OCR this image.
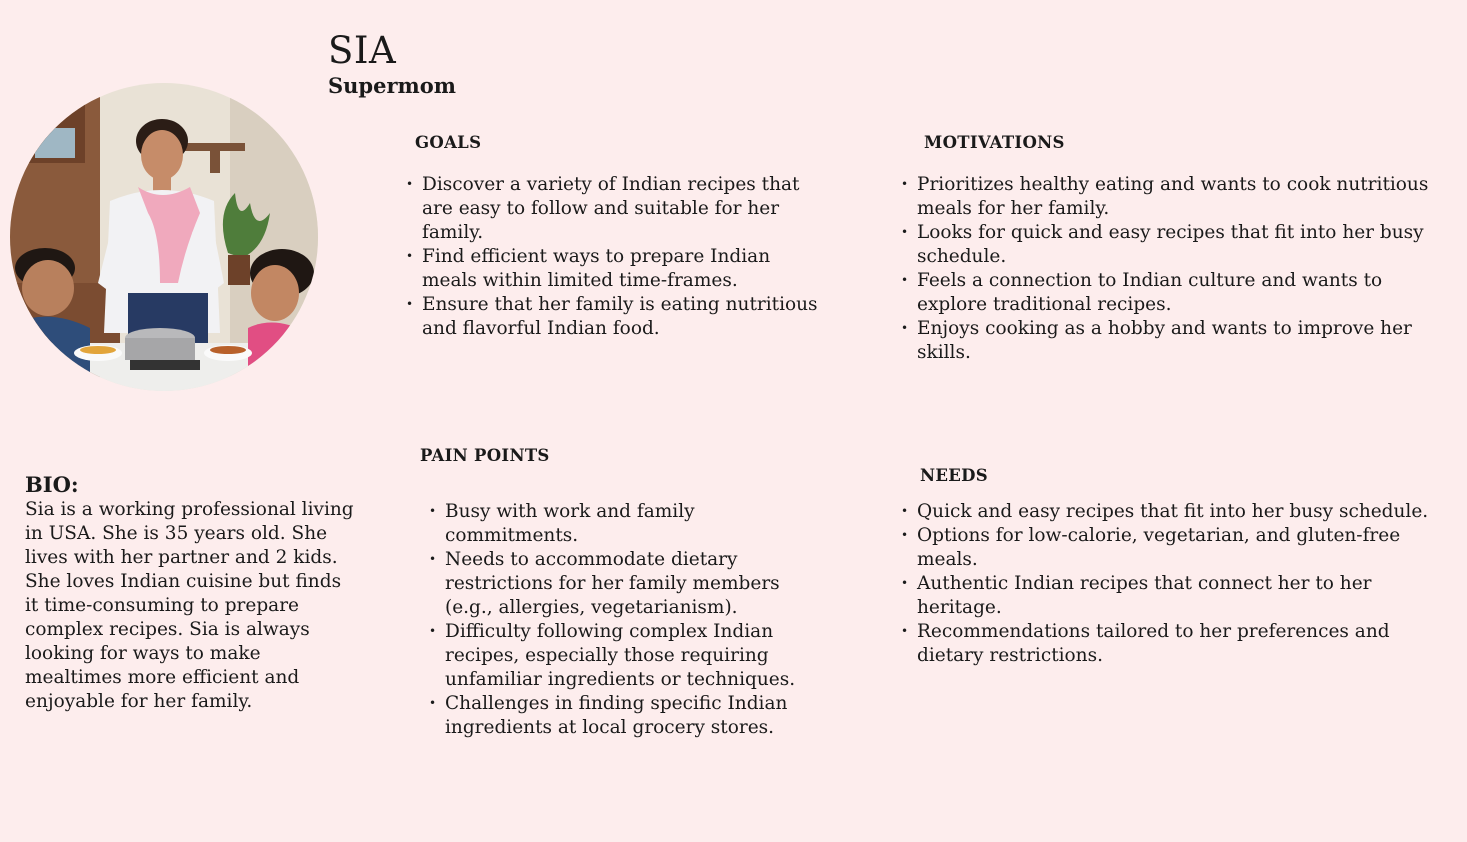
SIA
Supermom
GOALS
• Discover a variety of Indian recipes that are easy to follow and suitable for her family.
• Find efficient ways to prepare Indian meals within limited time-frames.
• Ensure that her family is eating nutritious and flavorful Indian food.
MOTIVATIONS
• Prioritizes healthy eating and wants to cook nutritious meals for her family.
• Looks for quick and easy recipes that fit into her busy schedule.
• Feels a connection to Indian culture and wants to explore traditional recipes.
• Enjoys cooking as a hobby and wants to improve her skills.
PAIN POINTS
• Busy with work and family commitments.
• Needs to accommodate dietary restrictions for her family members (e.g., allergies, vegetarianism).
• Difficulty following complex Indian recipes, especially those requiring unfamiliar ingredients or techniques.
• Challenges in finding specific Indian ingredients at local grocery stores.
NEEDS
• Quick and easy recipes that fit into her busy schedule.
• Options for low-calorie, vegetarian, and gluten-free meals.
• Authentic Indian recipes that connect her to her heritage.
• Recommendations tailored to her preferences and dietary restrictions.
BIO:

Sia is a working professional living in USA. She is 35 years old. She lives with her partner and 2 kids. She loves Indian cuisine but finds it time-consuming to prepare complex recipes. Sia is always looking for ways to make mealtimes more efficient and enjoyable for her family.
